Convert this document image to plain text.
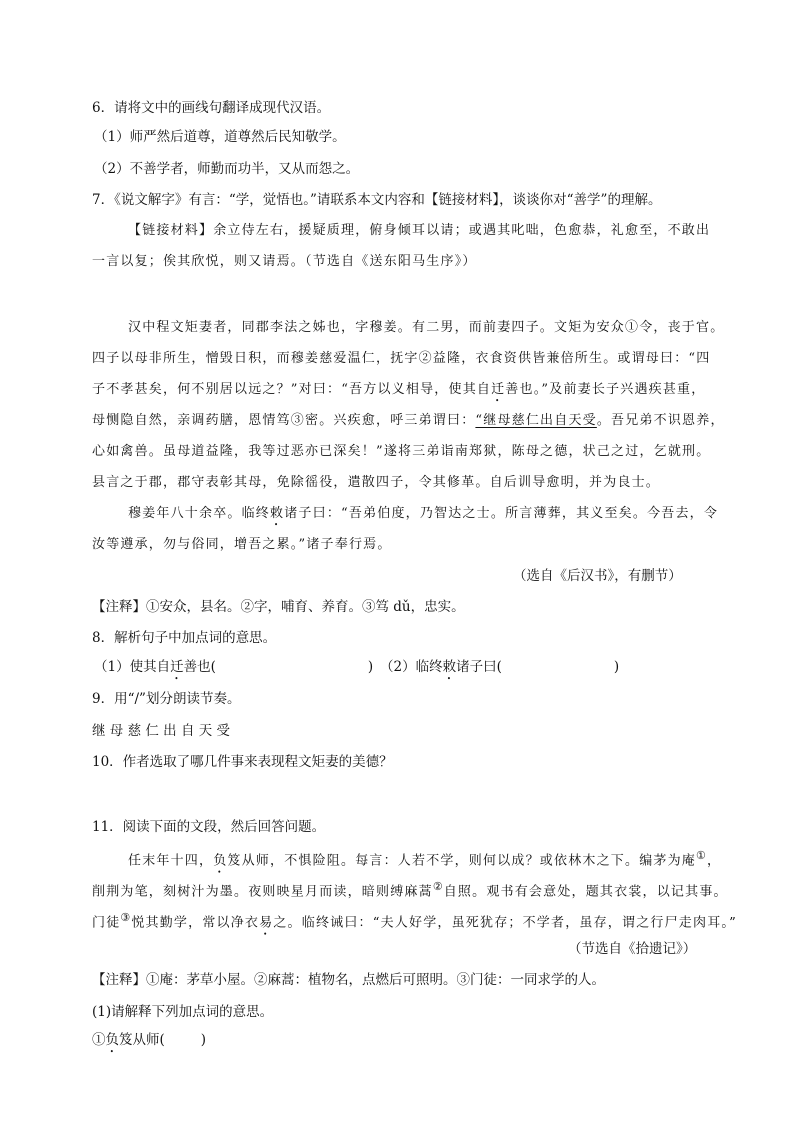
6．请将文中的画线句翻译成现代汉语。
（1）师严然后道尊，道尊然后民知敬学。
（2）不善学者，师勤而功半，又从而怨之。
7．《说文解字》有言：“学，觉悟也。”请联系本文内容和【链接材料】，谈谈你对“善学”的理解。
【链接材料】余立侍左右，援疑质理，俯身倾耳以请；或遇其叱咄，色愈恭，礼愈至，不敢出
一言以复；俟其欣悦，则又请焉。（节选自《送东阳马生序》）
汉中程文矩妻者，同郡李法之姊也，字穆姜。有二男，而前妻四子。文矩为安众①令，丧于官。
四子以母非所生，憎毁日积，而穆姜慈爱温仁，抚字②益隆，衣食资供皆兼倍所生。或谓母曰：“四
子不孝甚矣，何不别居以远之？”对曰：“吾方以义相导，使其自迁善也。”及前妻长子兴遇疾甚重，
母恻隐自然，亲调药膳，恩情笃③密。兴疾愈，呼三弟谓曰：“继母慈仁出自天受。吾兄弟不识恩养，
心如禽兽。虽母道益隆，我等过恶亦已深矣！”遂将三弟诣南郑狱，陈母之德，状己之过，乞就刑。
县言之于郡，郡守表彰其母，免除徭役，遣散四子，令其修革。自后训导愈明，并为良士。
穆姜年八十余卒。临终敕诸子曰：“吾弟伯度，乃智达之士。所言薄葬，其义至矣。今吾去，令
汝等遵承，勿与俗同，增吾之累。”诸子奉行焉。
（选自《后汉书》，有删节）
【注释】①安众，县名。②字，哺育、养育。③笃 dǔ，忠实。
8．解析句子中加点词的意思。
（1）使其自迁善也(	) （2）临终敕诸子曰(	)
9．用“/”划分朗读节奏。
继 母 慈 仁 出 自 天 受
10．作者选取了哪几件事来表现程文矩妻的美德？
11．阅读下面的文段，然后回答问题。
任末年十四，负笈从师，不惧险阻。每言：人若不学，则何以成？或依林木之下。编茅为庵①，
削荆为笔，刻树汁为墨。夜则映星月而读，暗则缚麻蒿②自照。观书有会意处，题其衣裳，以记其事。
门徒③悦其勤学，常以净衣易之。临终诫曰：“夫人好学，虽死犹存；不学者，虽存，谓之行尸走肉耳。”
（节选自《拾遗记》）
【注释】①庵：茅草小屋。②麻蒿：植物名，点燃后可照明。③门徒：一同求学的人。
(1)请解释下列加点词的意思。
①负笈从师(	)
